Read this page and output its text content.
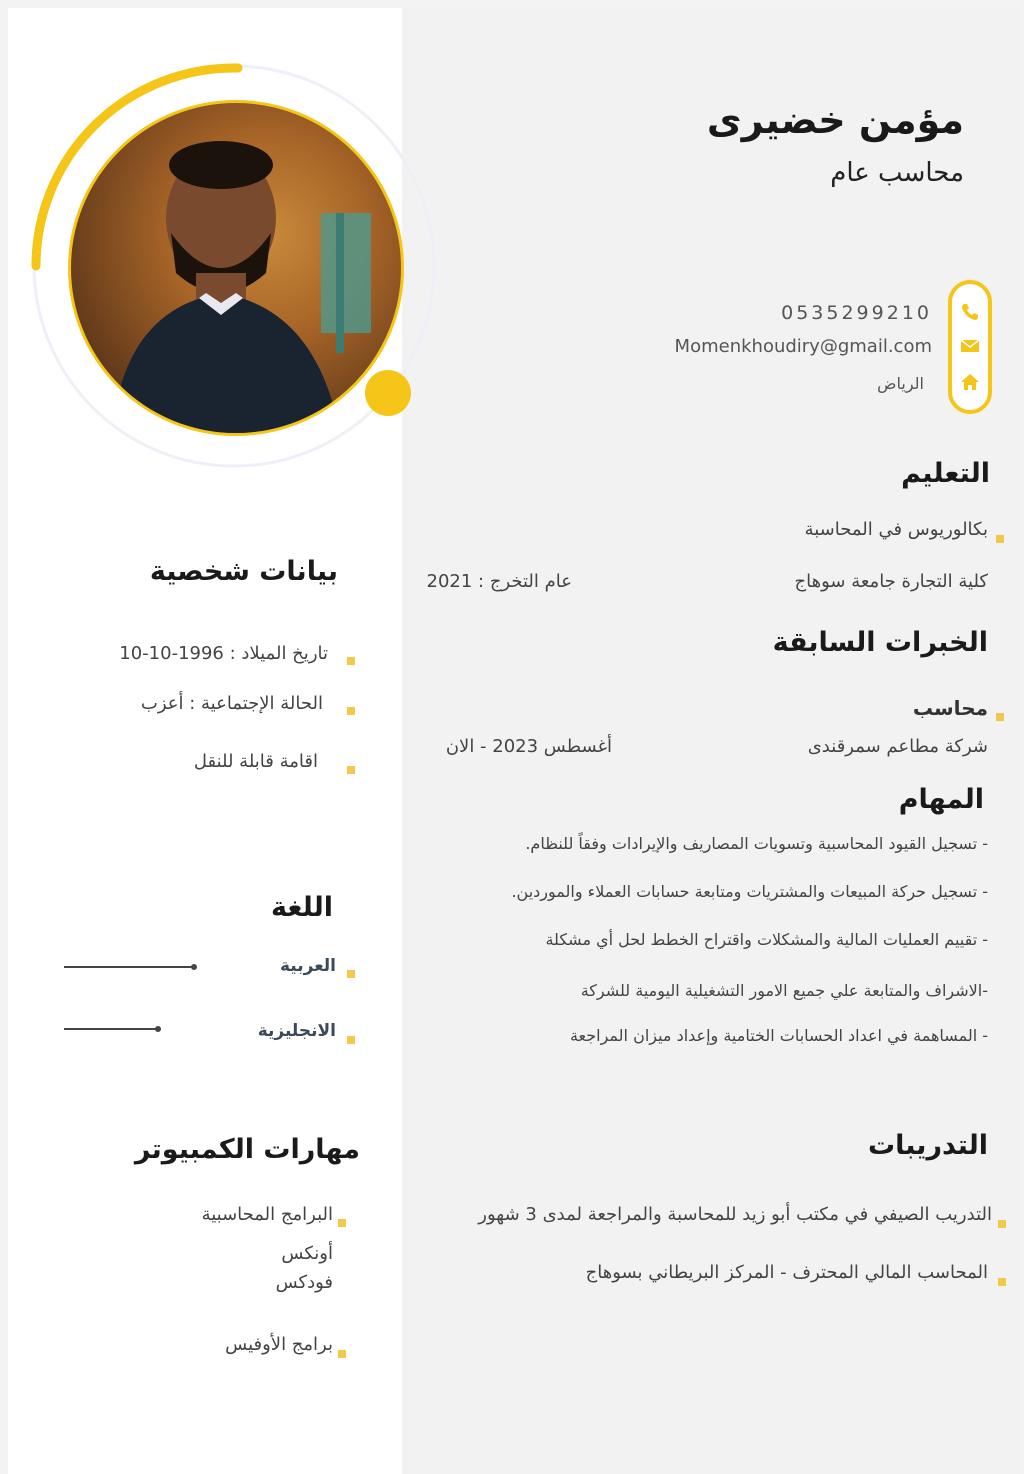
مؤمن خضيرى
محاسب عام
0535299210
Momenkhoudiry@gmail.com
الرياض
التعليم
بكالوريوس في المحاسبة
كلية التجارة جامعة سوهاج
عام التخرج : 2021
الخبرات السابقة
محاسب
شركة مطاعم سمرقندى
أغسطس 2023 - الان
المهام
- تسجيل القيود المحاسبية وتسويات المصاريف والإيرادات وفقاً للنظام.
- تسجيل حركة المبيعات والمشتريات ومتابعة حسابات العملاء والموردين.
- تقييم العمليات المالية والمشكلات واقتراح الخطط لحل أي مشكلة
-الاشراف والمتابعة علي جميع الامور التشغيلية اليومية للشركة
- المساهمة في اعداد الحسابات الختامية وإعداد ميزان المراجعة
التدريبات
التدريب الصيفي في مكتب أبو زيد للمحاسبة والمراجعة لمدى 3 شهور
المحاسب المالي المحترف - المركز البريطاني بسوهاج
بيانات شخصية
تاريخ الميلاد : 1996-10-10
الحالة الإجتماعية : أعزب
اقامة قابلة للنقل
اللغة
العربية
الانجليزية
مهارات الكمبيوتر
البرامج المحاسبية
أونكس
فودكس
برامج الأوفيس
